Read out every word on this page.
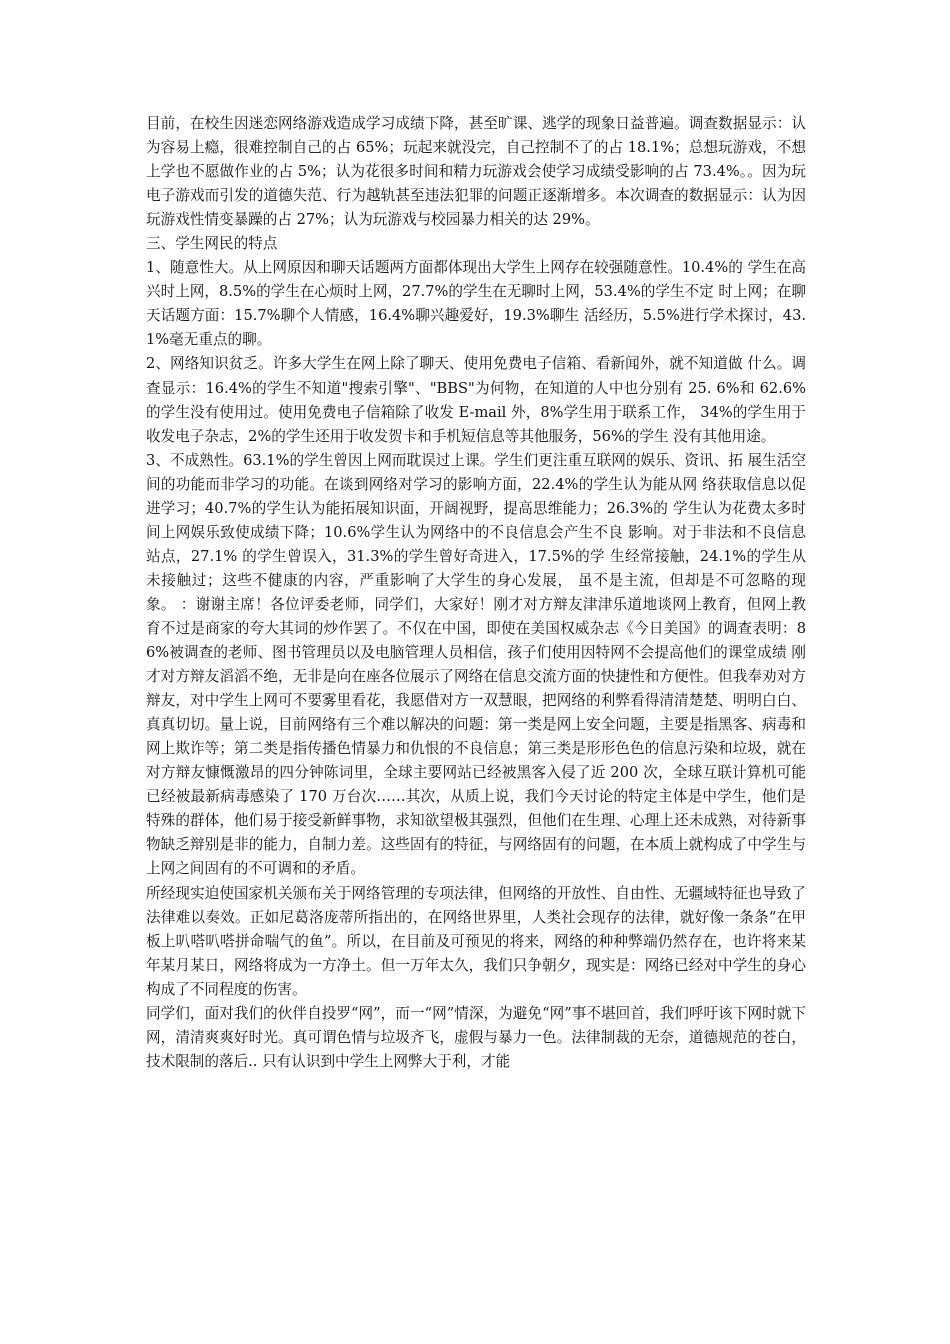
目前，在校生因迷恋网络游戏造成学习成绩下降，甚至旷课、逃学的现象日益普遍。调查数据显示：认为容易上瘾，很难控制自己的占 65%；玩起来就没完，自己控制不了的占 18.1%；总想玩游戏，不想上学也不愿做作业的占 5%；认为花很多时间和精力玩游戏会使学习成绩受影响的占 73.4%。。因为玩电子游戏而引发的道德失范、行为越轨甚至违法犯罪的问题正逐渐增多。本次调查的数据显示：认为因玩游戏性情变暴躁的占 27%；认为玩游戏与校园暴力相关的达 29%。

三、学生网民的特点

1、随意性大。从上网原因和聊天话题两方面都体现出大学生上网存在较强随意性。10.4%的 学生在高兴时上网，8.5%的学生在心烦时上网，27.7%的学生在无聊时上网，53.4%的学生不定 时上网；在聊天话题方面：15.7%聊个人情感，16.4%聊兴趣爱好，19.3%聊生 活经历，5.5%进行学术探讨，43.1%毫无重点的聊。

2、网络知识贫乏。许多大学生在网上除了聊天、使用免费电子信箱、看新闻外，就不知道做 什么。调查显示：16.4%的学生不知道"搜索引擎"、"BBS"为何物，在知道的人中也分别有 25. 6%和 62.6%的学生没有使用过。使用免费电子信箱除了收发 E-mail 外，8%学生用于联系工作， 34%的学生用于收发电子杂志，2%的学生还用于收发贺卡和手机短信息等其他服务，56%的学生 没有其他用途。

3、不成熟性。63.1%的学生曾因上网而耽误过上课。学生们更注重互联网的娱乐、资讯、拓 展生活空间的功能而非学习的功能。在谈到网络对学习的影响方面，22.4%的学生认为能从网 络获取信息以促进学习；40.7%的学生认为能拓展知识面，开阔视野，提高思维能力；26.3%的 学生认为花费太多时间上网娱乐致使成绩下降；10.6%学生认为网络中的不良信息会产生不良 影响。对于非法和不良信息站点，27.1% 的学生曾误入，31.3%的学生曾好奇进入，17.5%的学 生经常接触，24.1%的学生从未接触过；这些不健康的内容，严重影响了大学生的身心发展， 虽不是主流，但却是不可忽略的现象。 ：谢谢主席！各位评委老师，同学们，大家好！刚才对方辩友津津乐道地谈网上教育，但网上教育不过是商家的夸大其词的炒作罢了。不仅在中国，即使在美国权威杂志《今日美国》的调查表明：86%被调查的老师、图书管理员以及电脑管理人员相信，孩子们使用因特网不会提高他们的课堂成绩 刚才对方辩友滔滔不绝，无非是向在座各位展示了网络在信息交流方面的快捷性和方便性。但我奉劝对方辩友，对中学生上网可不要雾里看花，我愿借对方一双慧眼，把网络的利弊看得清清楚楚、明明白白、真真切切。量上说，目前网络有三个难以解决的问题：第一类是网上安全问题，主要是指黑客、病毒和网上欺诈等；第二类是指传播色情暴力和仇恨的不良信息；第三类是形形色色的信息污染和垃圾，就在对方辩友慷慨激昂的四分钟陈词里，全球主要网站已经被黑客入侵了近 200 次，全球互联计算机可能已经被最新病毒感染了 170 万台次……其次，从质上说，我们今天讨论的特定主体是中学生，他们是特殊的群体，他们易于接受新鲜事物，求知欲望极其强烈，但他们在生理、心理上还未成熟，对待新事物缺乏辩别是非的能力，自制力差。这些固有的特征，与网络固有的问题，在本质上就构成了中学生与上网之间固有的不可调和的矛盾。

所经现实迫使国家机关颁布关于网络管理的专项法律，但网络的开放性、自由性、无疆域特征也导致了法律难以奏效。正如尼葛洛庞蒂所指出的，在网络世界里，人类社会现存的法律，就好像一条条“在甲板上叭嗒叭嗒拼命喘气的鱼”。所以，在目前及可预见的将来，网络的种种弊端仍然存在，也许将来某年某月某日，网络将成为一方净土。但一万年太久，我们只争朝夕，现实是：网络已经对中学生的身心构成了不同程度的伤害。

同学们，面对我们的伙伴自投罗“网”，而一“网”情深，为避免“网”事不堪回首，我们呼吁该下网时就下网，清清爽爽好时光。真可谓色情与垃圾齐飞，虚假与暴力一色。法律制裁的无奈，道德规范的苍白，技术限制的落后.. 只有认识到中学生上网弊大于利，才能
